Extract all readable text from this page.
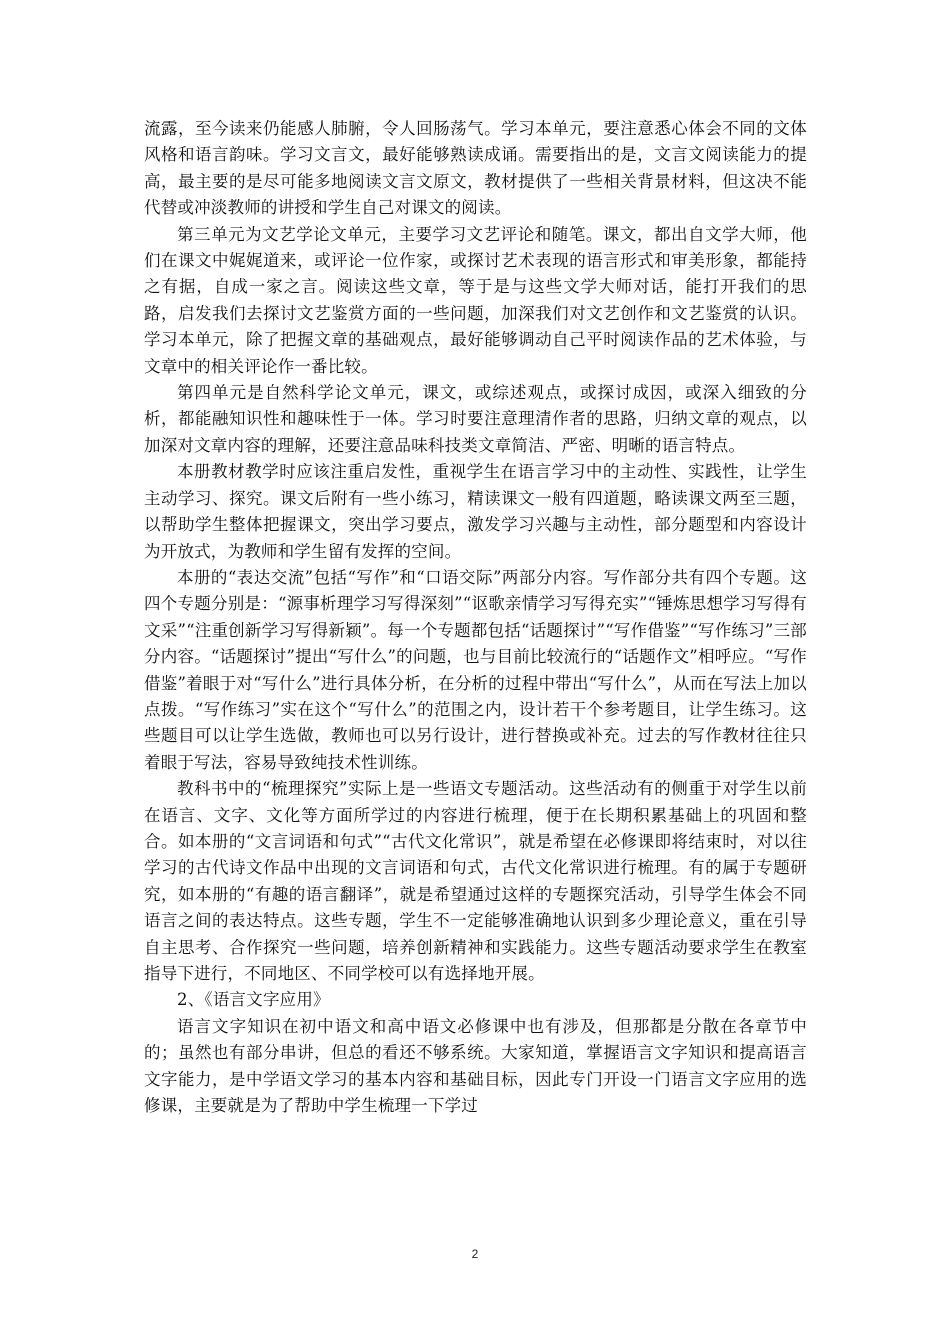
流露，至今读来仍能感人肺腑，令人回肠荡气。学习本单元，要注意悉心体会不同的文体风格和语言韵味。学习文言文，最好能够熟读成诵。需要指出的是，文言文阅读能力的提高，最主要的是尽可能多地阅读文言文原文，教材提供了一些相关背景材料，但这决不能代替或冲淡教师的讲授和学生自己对课文的阅读。

第三单元为文艺学论文单元，主要学习文艺评论和随笔。课文，都出自文学大师，他们在课文中娓娓道来，或评论一位作家，或探讨艺术表现的语言形式和审美形象，都能持之有据，自成一家之言。阅读这些文章，等于是与这些文学大师对话，能打开我们的思路，启发我们去探讨文艺鉴赏方面的一些问题，加深我们对文艺创作和文艺鉴赏的认识。学习本单元，除了把握文章的基础观点，最好能够调动自己平时阅读作品的艺术体验，与文章中的相关评论作一番比较。

第四单元是自然科学论文单元，课文，或综述观点，或探讨成因，或深入细致的分析，都能融知识性和趣味性于一体。学习时要注意理清作者的思路，归纳文章的观点，以加深对文章内容的理解，还要注意品味科技类文章简洁、严密、明晰的语言特点。

本册教材教学时应该注重启发性，重视学生在语言学习中的主动性、实践性，让学生主动学习、探究。课文后附有一些小练习，精读课文一般有四道题，略读课文两至三题，以帮助学生整体把握课文，突出学习要点，激发学习兴趣与主动性，部分题型和内容设计为开放式，为教师和学生留有发挥的空间。

本册的“表达交流”包括“写作”和“口语交际”两部分内容。写作部分共有四个专题。这四个专题分别是：“源事析理学习写得深刻”“讴歌亲情学习写得充实”“锤炼思想学习写得有文采”“注重创新学习写得新颖”。每一个专题都包括“话题探讨”“写作借鉴”“写作练习”三部分内容。“话题探讨”提出“写什么”的问题，也与目前比较流行的“话题作文”相呼应。“写作借鉴”着眼于对“写什么”进行具体分析，在分析的过程中带出“写什么”，从而在写法上加以点拨。“写作练习”实在这个“写什么”的范围之内，设计若干个参考题目，让学生练习。这些题目可以让学生选做，教师也可以另行设计，进行替换或补充。过去的写作教材往往只着眼于写法，容易导致纯技术性训练。

教科书中的“梳理探究”实际上是一些语文专题活动。这些活动有的侧重于对学生以前在语言、文字、文化等方面所学过的内容进行梳理，便于在长期积累基础上的巩固和整合。如本册的“文言词语和句式”“古代文化常识”，就是希望在必修课即将结束时，对以往学习的古代诗文作品中出现的文言词语和句式，古代文化常识进行梳理。有的属于专题研究，如本册的“有趣的语言翻译”，就是希望通过这样的专题探究活动，引导学生体会不同语言之间的表达特点。这些专题，学生不一定能够准确地认识到多少理论意义，重在引导自主思考、合作探究一些问题，培养创新精神和实践能力。这些专题活动要求学生在教室指导下进行，不同地区、不同学校可以有选择地开展。

2、《语言文字应用》

语言文字知识在初中语文和高中语文必修课中也有涉及，但那都是分散在各章节中的；虽然也有部分串讲，但总的看还不够系统。大家知道，掌握语言文字知识和提高语言文字能力，是中学语文学习的基本内容和基础目标，因此专门开设一门语言文字应用的选修课，主要就是为了帮助中学生梳理一下学过

2
